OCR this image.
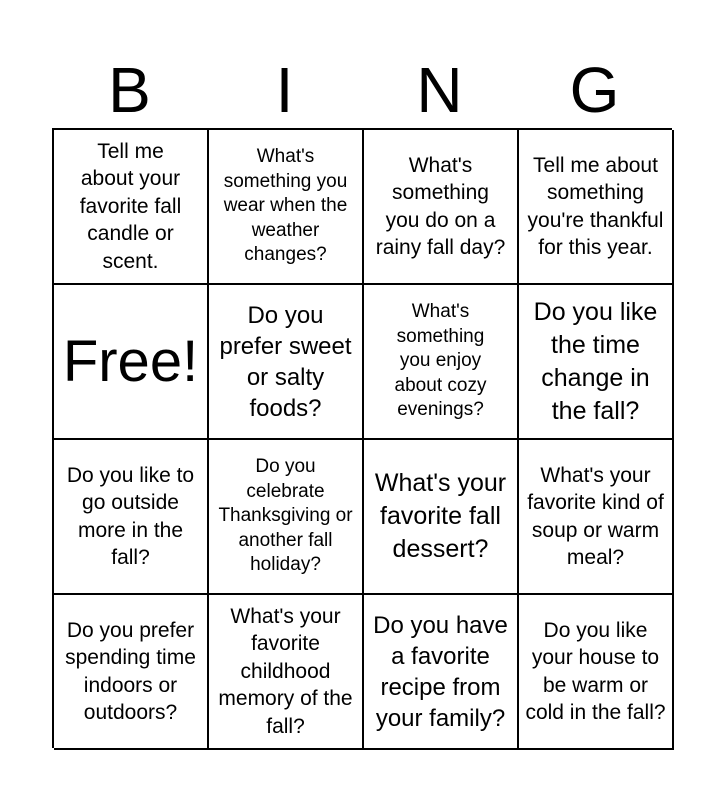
B	I	N	G
Tell me about your favorite fall candle or scent.
What's something you wear when the weather changes?
What's something you do on a rainy fall day?
Tell me about something you're thankful for this year.
Free!
Do you prefer sweet or salty foods?
What's something you enjoy about cozy evenings?
Do you like the time change in the fall?
Do you like to go outside more in the fall?
Do you celebrate Thanksgiving or another fall holiday?
What's your favorite fall dessert?
What's your favorite kind of soup or warm meal?
Do you prefer spending time indoors or outdoors?
What's your favorite childhood memory of the fall?
Do you have a favorite recipe from your family?
Do you like your house to be warm or cold in the fall?
